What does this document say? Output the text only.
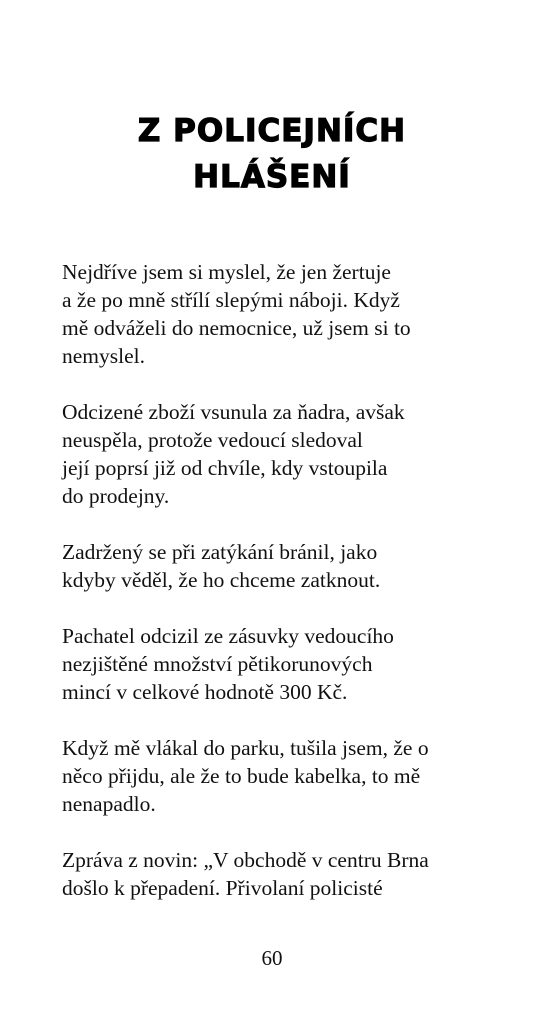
Z POLICEJNÍCH
HLÁŠENÍ

Nejdříve jsem si myslel, že jen žertuje
a že po mně střílí slepými náboji. Když
mě odváželi do nemocnice, už jsem si to
nemyslel.

Odcizené zboží vsunula za ňadra, avšak
neuspěla, protože vedoucí sledoval
její poprsí již od chvíle, kdy vstoupila
do prodejny.

Zadržený se při zatýkání bránil, jako
kdyby věděl, že ho chceme zatknout.

Pachatel odcizil ze zásuvky vedoucího
nezjištěné množství pětikorunových
mincí v celkové hodnotě 300 Kč.

Když mě vlákal do parku, tušila jsem, že o
něco přijdu, ale že to bude kabelka, to mě
nenapadlo.

Zpráva z novin: „V obchodě v centru Brna
došlo k přepadení. Přivolaní policisté

60
